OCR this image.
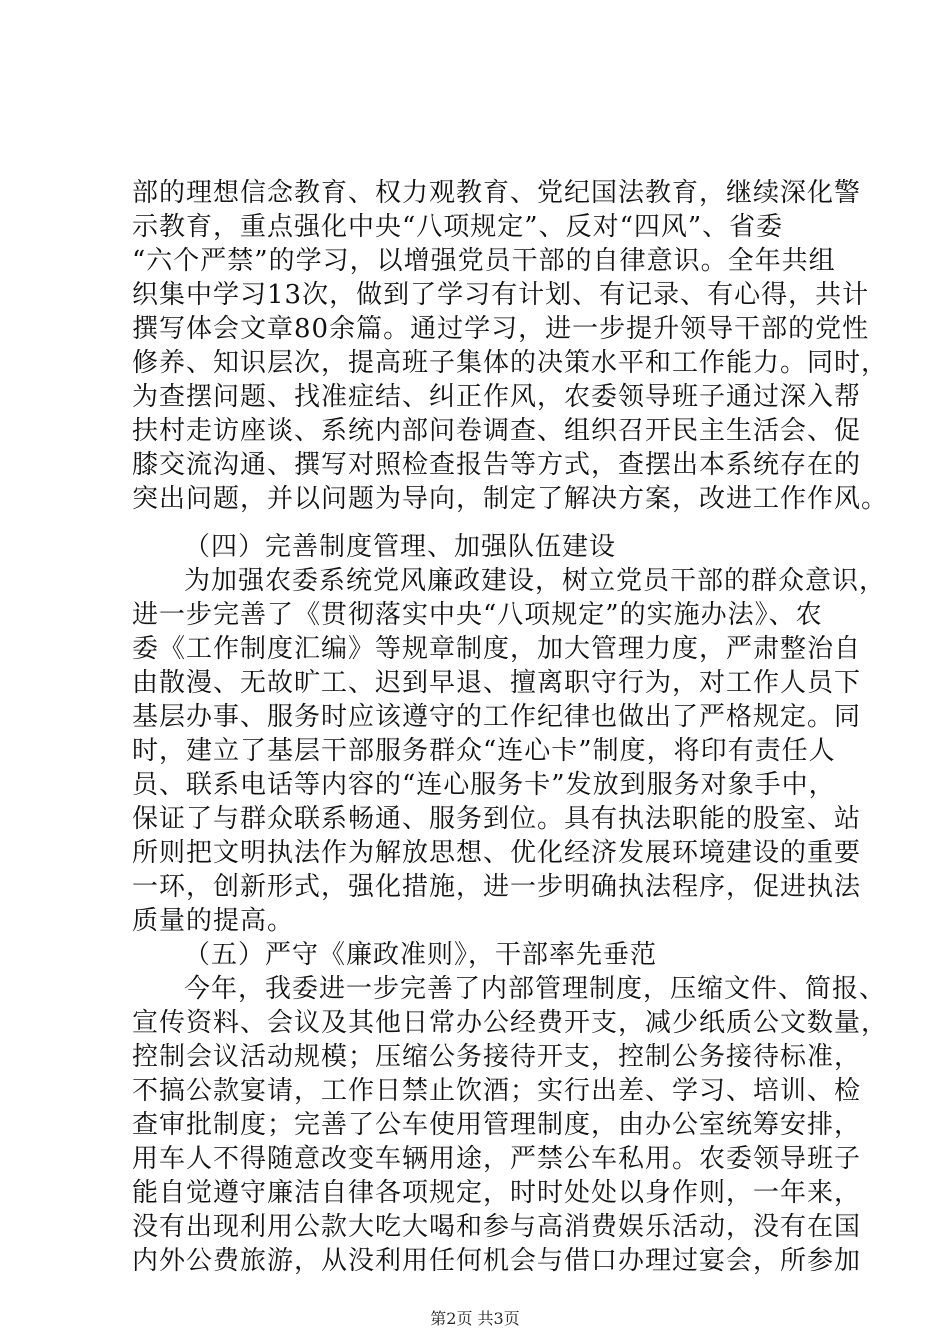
部的理想信念教育、权力观教育、党纪国法教育，继续深化警
示教育，重点强化中央“八项规定”、反对“四风”、省委
“六个严禁”的学习，以增强党员干部的自律意识。全年共组
织集中学习13次，做到了学习有计划、有记录、有心得，共计
撰写体会文章80余篇。通过学习，进一步提升领导干部的党性
修养、知识层次，提高班子集体的决策水平和工作能力。同时，
为查摆问题、找准症结、纠正作风，农委领导班子通过深入帮
扶村走访座谈、系统内部问卷调查、组织召开民主生活会、促
膝交流沟通、撰写对照检查报告等方式，查摆出本系统存在的
突出问题，并以问题为导向，制定了解决方案，改进工作作风。
（四）完善制度管理、加强队伍建设
为加强农委系统党风廉政建设，树立党员干部的群众意识，
进一步完善了《贯彻落实中央“八项规定”的实施办法》、农
委《工作制度汇编》等规章制度，加大管理力度，严肃整治自
由散漫、无故旷工、迟到早退、擅离职守行为，对工作人员下
基层办事、服务时应该遵守的工作纪律也做出了严格规定。同
时，建立了基层干部服务群众“连心卡”制度，将印有责任人
员、联系电话等内容的“连心服务卡”发放到服务对象手中，
保证了与群众联系畅通、服务到位。具有执法职能的股室、站
所则把文明执法作为解放思想、优化经济发展环境建设的重要
一环，创新形式，强化措施，进一步明确执法程序，促进执法
质量的提高。
（五）严守《廉政准则》，干部率先垂范
今年，我委进一步完善了内部管理制度，压缩文件、简报、
宣传资料、会议及其他日常办公经费开支，减少纸质公文数量，
控制会议活动规模；压缩公务接待开支，控制公务接待标准，
不搞公款宴请，工作日禁止饮酒；实行出差、学习、培训、检
查审批制度；完善了公车使用管理制度，由办公室统筹安排，
用车人不得随意改变车辆用途，严禁公车私用。农委领导班子
能自觉遵守廉洁自律各项规定，时时处处以身作则，一年来，
没有出现利用公款大吃大喝和参与高消费娱乐活动，没有在国
内外公费旅游，从没利用任何机会与借口办理过宴会，所参加
第2页 共3页
